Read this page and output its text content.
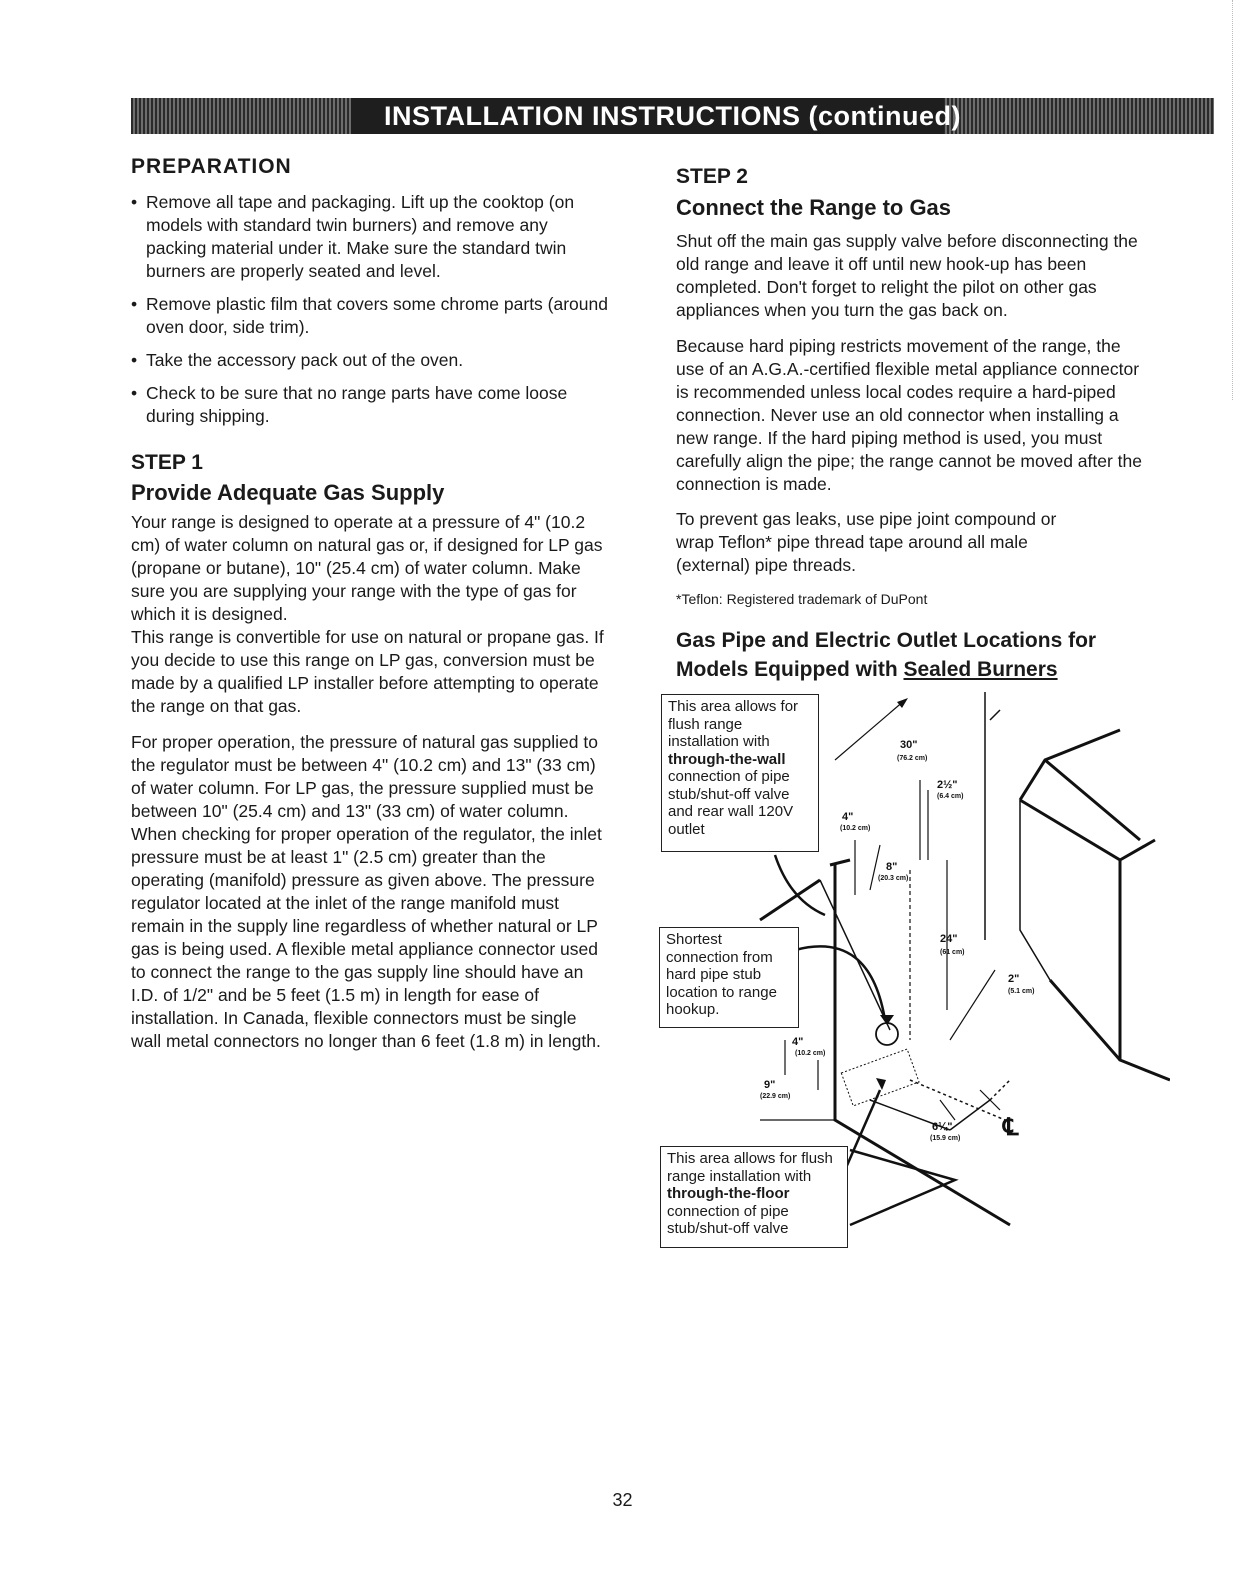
INSTALLATION INSTRUCTIONS (continued)
PREPARATION
• Remove all tape and packaging. Lift up the cooktop (on models with standard twin burners) and remove any packing material under it. Make sure the standard twin burners are properly seated and level.
• Remove plastic film that covers some chrome parts (around oven door, side trim).
• Take the accessory pack out of the oven.
• Check to be sure that no range parts have come loose during shipping.
STEP 1
Provide Adequate Gas Supply

Your range is designed to operate at a pressure of 4" (10.2 cm) of water column on natural gas or, if designed for LP gas (propane or butane), 10" (25.4 cm) of water column. Make sure you are supplying your range with the type of gas for which it is designed.

This range is convertible for use on natural or propane gas. If you decide to use this range on LP gas, conversion must be made by a qualified LP installer before attempting to operate the range on that gas.

For proper operation, the pressure of natural gas supplied to the regulator must be between 4" (10.2 cm) and 13" (33 cm) of water column. For LP gas, the pressure supplied must be between 10" (25.4 cm) and 13" (33 cm) of water column. When checking for proper operation of the regulator, the inlet pressure must be at least 1" (2.5 cm) greater than the operating (manifold) pressure as given above. The pressure regulator located at the inlet of the range manifold must remain in the supply line regardless of whether natural or LP gas is being used. A flexible metal appliance connector used to connect the range to the gas supply line should have an I.D. of 1/2" and be 5 feet (1.5 m) in length for ease of installation. In Canada, flexible connectors must be single wall metal connectors no longer than 6 feet (1.8 m) in length.

STEP 2
Connect the Range to Gas

Shut off the main gas supply valve before disconnecting the old range and leave it off until new hook-up has been completed. Don't forget to relight the pilot on other gas appliances when you turn the gas back on.

Because hard piping restricts movement of the range, the use of an A.G.A.-certified flexible metal appliance connector is recommended unless local codes require a hard-piped connection. Never use an old connector when installing a new range. If the hard piping method is used, you must carefully align the pipe; the range cannot be moved after the connection is made.

To prevent gas leaks, use pipe joint compound or wrap Teflon* pipe thread tape around all male (external) pipe threads.

*Teflon: Registered trademark of DuPont

Gas Pipe and Electric Outlet Locations for
Models Equipped with Sealed Burners
30"
(76.2 cm)
2½"
(6.4 cm)
4"
(10.2 cm)
8"
(20.3 cm)
24"
(61 cm)
2"
(5.1 cm)
4"
(10.2 cm)
9"
(22.9 cm)
6¼"
(15.9 cm) ℄
This area allows for flush range installation with through-the-wall connection of pipe stub/shut-off valve and rear wall 120V outlet
Shortest connection from hard pipe stub location to range hookup.
This area allows for flush range installation with through-the-floor connection of pipe stub/shut-off valve
32
